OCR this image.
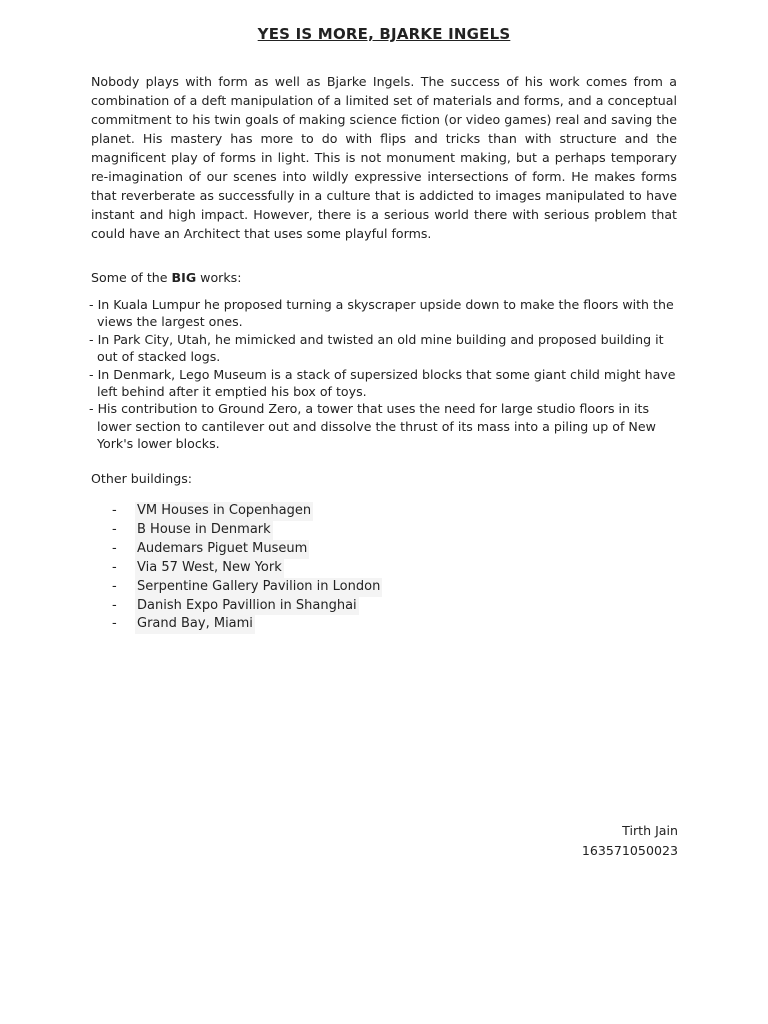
YES IS MORE, BJARKE INGELS

Nobody plays with form as well as Bjarke Ingels. The success of his work comes from a combination of a deft manipulation of a limited set of materials and forms, and a conceptual commitment to his twin goals of making science fiction (or video games) real and saving the planet. His mastery has more to do with flips and tricks than with structure and the magnificent play of forms in light. This is not monument making, but a perhaps temporary re-imagination of our scenes into wildly expressive intersections of form. He makes forms that reverberate as successfully in a culture that is addicted to images manipulated to have instant and high impact. However, there is a serious world there with serious problem that could have an Architect that uses some playful forms.

Some of the BIG works:
- In Kuala Lumpur he proposed turning a skyscraper upside down to make the floors with the views the largest ones.
- In Park City, Utah, he mimicked and twisted an old mine building and proposed building it out of stacked logs.
- In Denmark, Lego Museum is a stack of supersized blocks that some giant child might have left behind after it emptied his box of toys.
- His contribution to Ground Zero, a tower that uses the need for large studio floors in its lower section to cantilever out and dissolve the thrust of its mass into a piling up of New York's lower blocks.
Other buildings:
-	VM Houses in Copenhagen
-	B House in Denmark
-	Audemars Piguet Museum
-	Via 57 West, New York
-	Serpentine Gallery Pavilion in London
-	Danish Expo Pavillion in Shanghai
-	Grand Bay, Miami
Tirth Jain
163571050023
